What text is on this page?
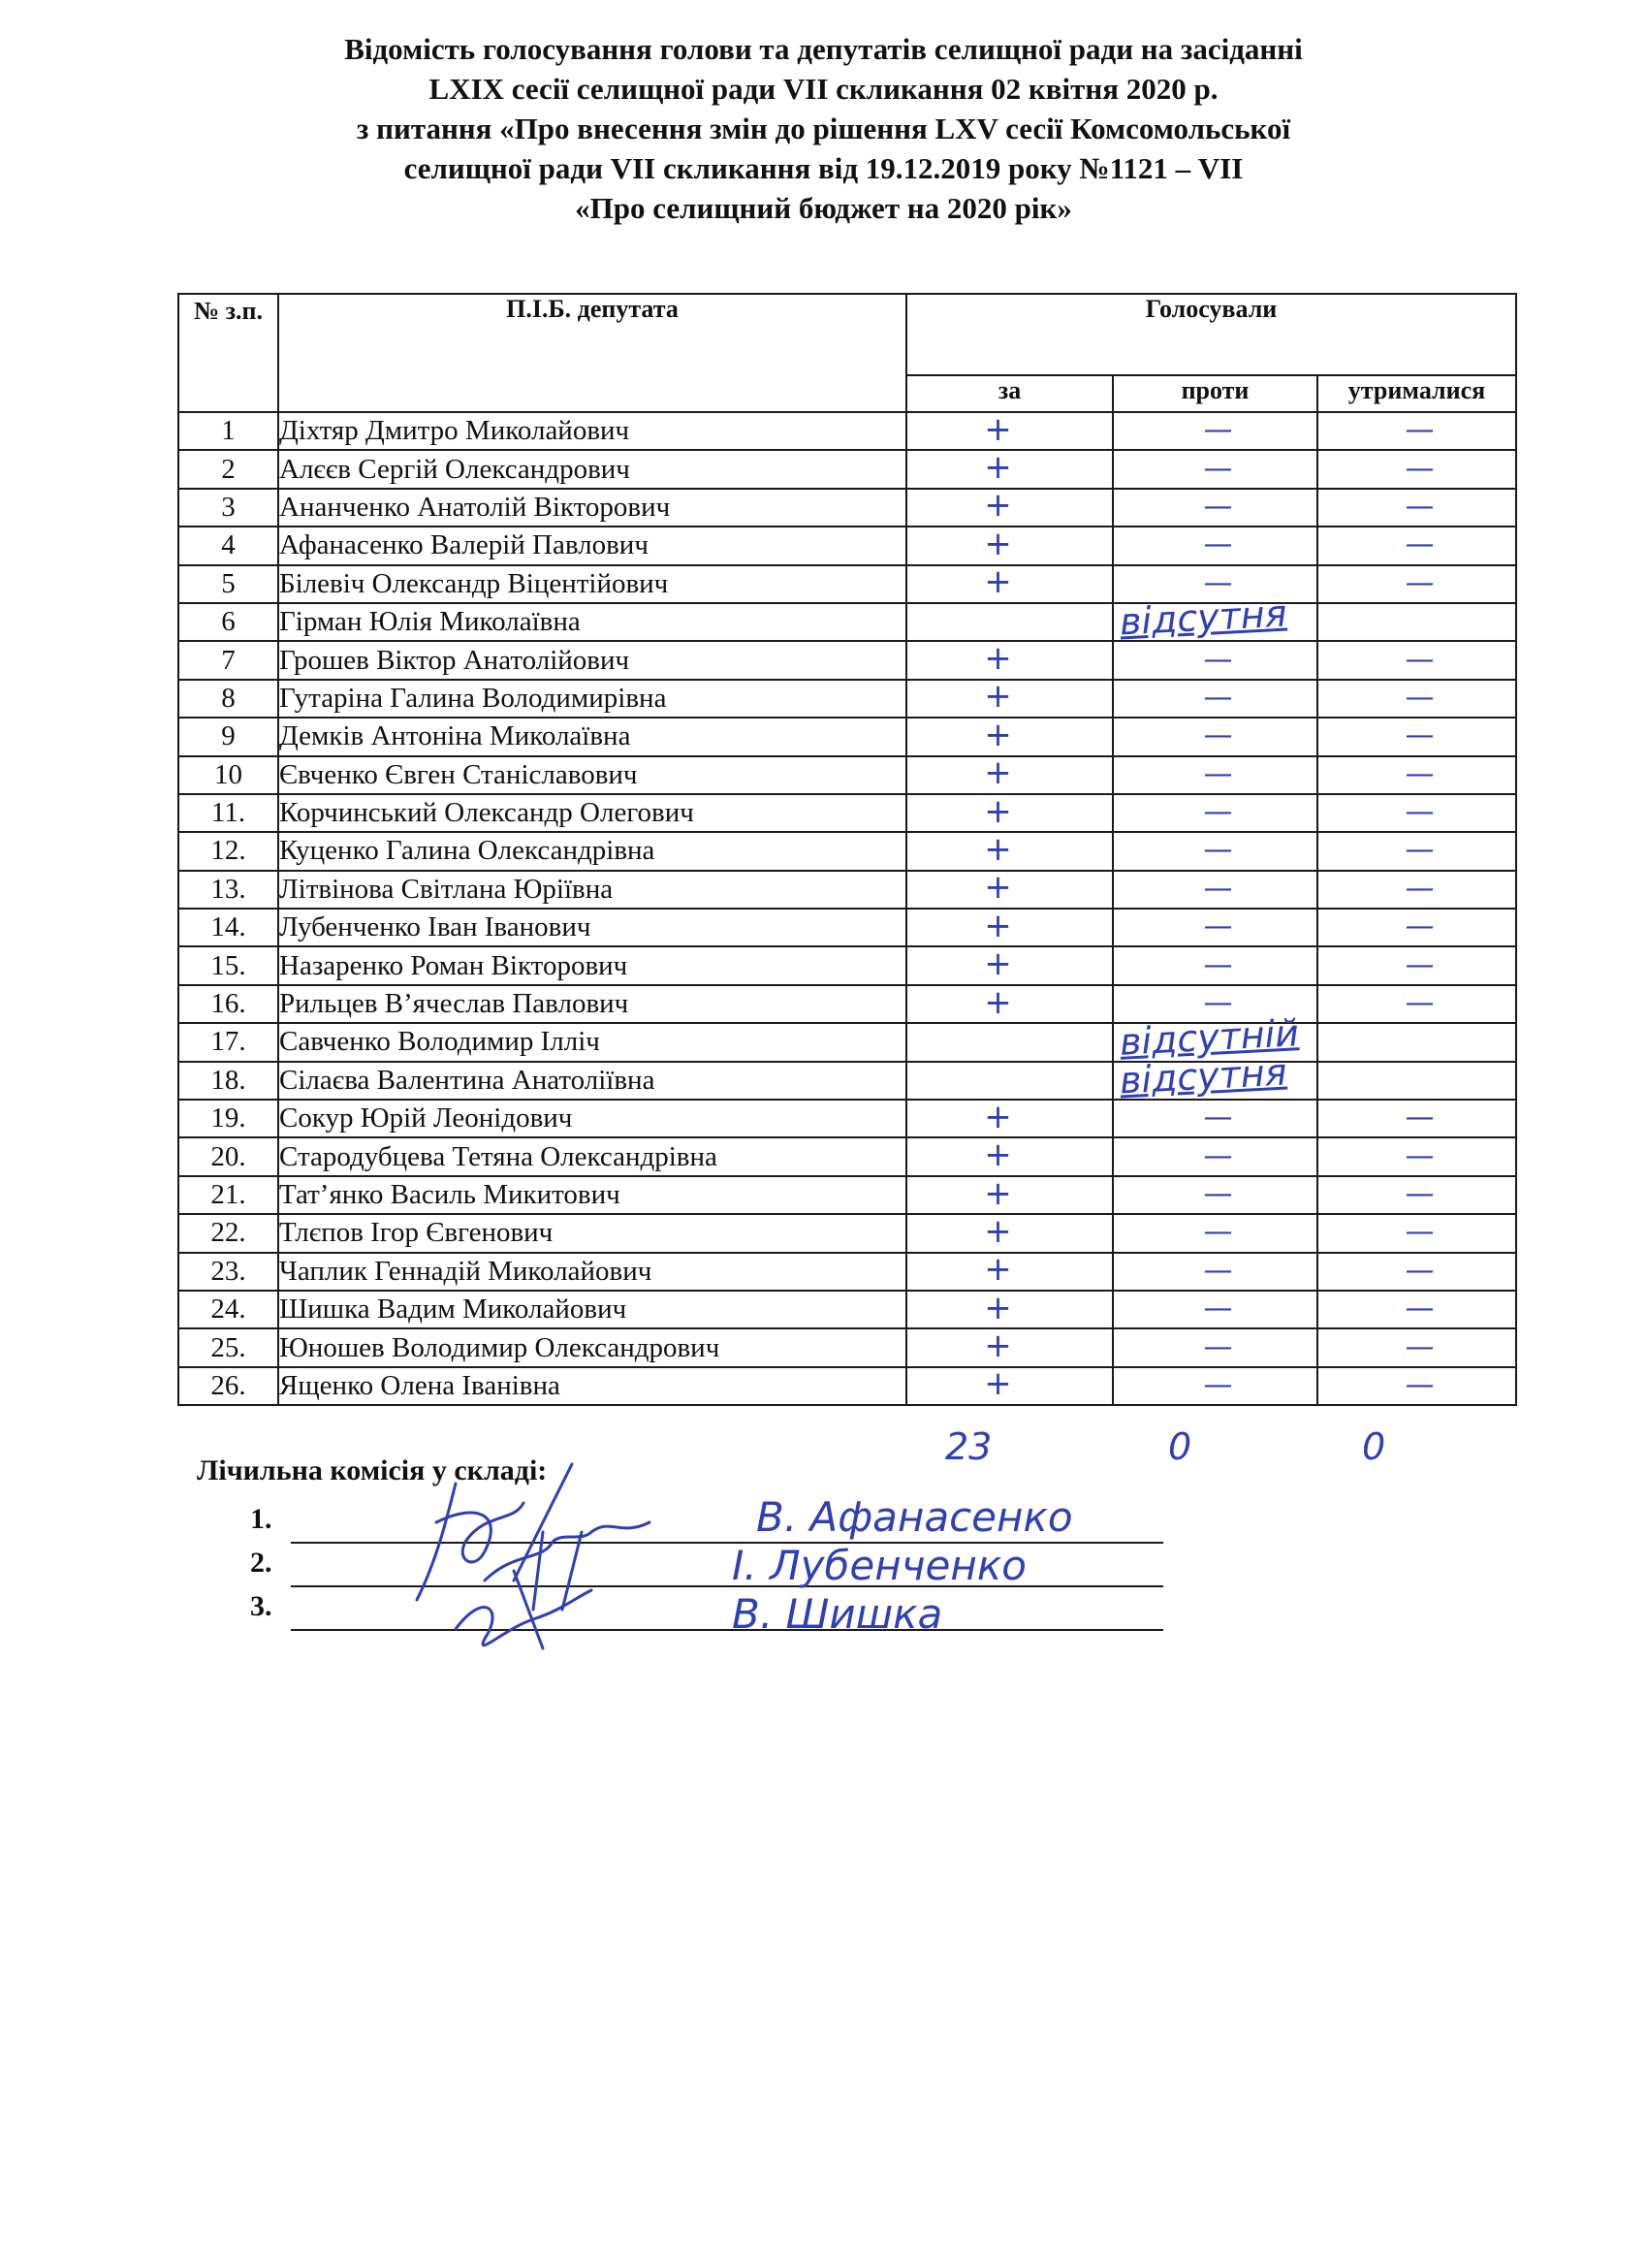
Відомість голосування голови та депутатів селищної ради на засіданні
LXIX сесії селищної ради VII скликання 02 квітня 2020 р.
з питання «Про внесення змін до рішення LXV сесії Комсомольської
селищної ради VII скликання від 19.12.2019 року №1121 – VII
«Про селищний бюджет на 2020 рік»
№ з.п.	П.І.Б. депутата	Голосували		
		за	проти	утрималися
1	Діхтяр Дмитро Миколайович	+	—	—
2	Алєєв Сергій Олександрович	+	—	—
3	Ананченко Анатолій Вікторович	+	—	—
4	Афанасенко Валерій Павлович	+	—	—
5	Білевіч Олександр Віцентійович	+	—	—
6	Гірман Юлія Миколаївна		відсутня	

7	Грошев Віктор Анатолійович	+	—	—
8	Гутаріна Галина Володимирівна	+	—	—
9	Демків Антоніна Миколаївна	+	—	—
10	Євченко Євген Станіславович	+	—	—
11.	Корчинський Олександр Олегович	+	—	—
12.	Куценко Галина Олександрівна	+	—	—
13.	Літвінова Світлана Юріївна	+	—	—
14.	Лубенченко Іван Іванович	+	—	—
15.	Назаренко Роман Вікторович	+	—	—
16.	Рильцев В’ячеслав Павлович	+	—	—
17.	Савченко Володимир Ілліч		відсутній	

18.	Сілаєва Валентина Анатоліївна		відсутня	

19.	Сокур Юрій Леонідович	+	—	—
20.	Стародубцева Тетяна Олександрівна	+	—	—
21.	Тат’янко Василь Микитович	+	—	—
22.	Тлєпов Ігор Євгенович	+	—	—
23.	Чаплик Геннадій Миколайович	+	—	—
24.	Шишка Вадим Миколайович	+	—	—
25.	Юношев Володимир Олександрович	+	—	—
26.	Ященко Олена Іванівна	+	—	—
23	0	0
Лічильна комісія у складі:
1.	В. Афанасенко
2.	І. Лубенченко
3.	В. Шишка
